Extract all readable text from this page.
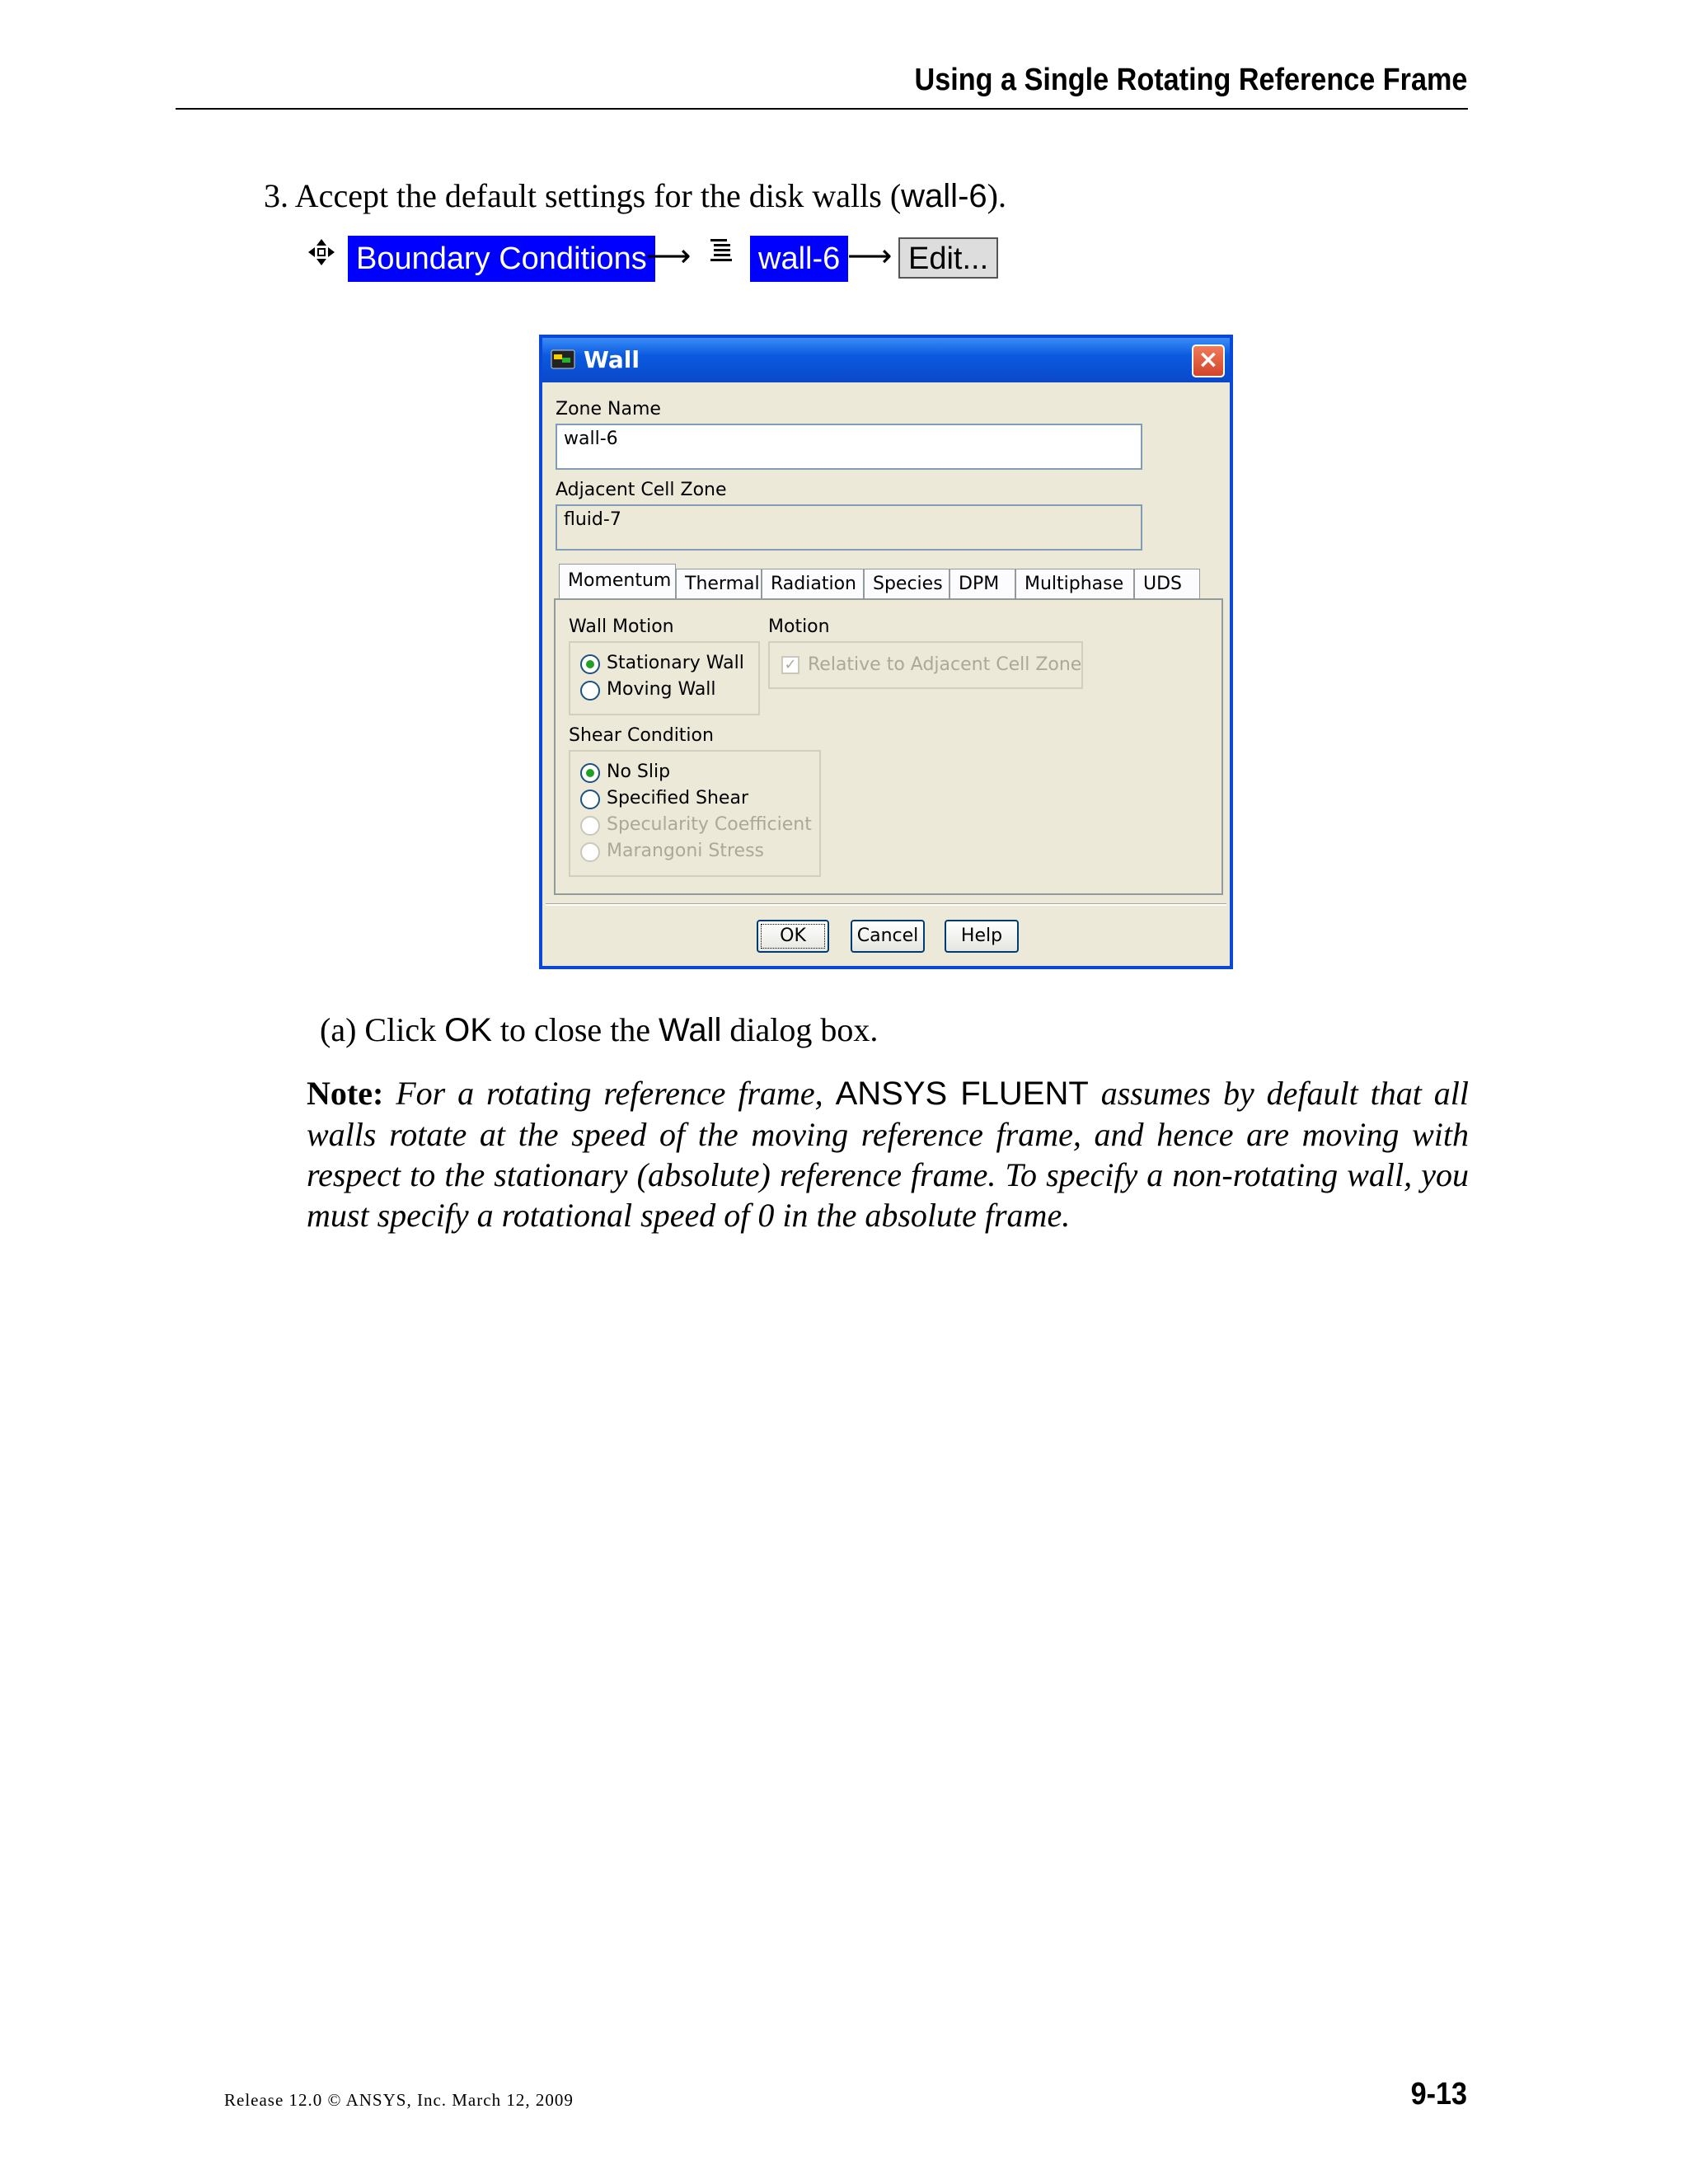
Using a Single Rotating Reference Frame
3. Accept the default settings for the disk walls (wall-6).
Boundary Conditions ⟶ wall-6 ⟶ Edit...
Wall	×
Zone Name
wall-6
Adjacent Cell Zone
fluid-7
Momentum Thermal Radiation Species DPM	Multiphase	UDS
Wall Motion
Stationary Wall
Moving Wall
Motion
✓ Relative to Adjacent Cell Zone
Shear Condition
No Slip
Specified Shear
Specularity Coefficient
Marangoni Stress
OK	Cancel	Help
(a) Click OK to close the Wall dialog box.
Note: For a rotating reference frame, ANSYS FLUENT assumes by default that all walls rotate at the speed of the moving reference frame, and hence are moving with respect to the stationary (absolute) reference frame. To specify a non-rotating wall, you must specify a rotational speed of 0 in the absolute frame.
Release 12.0 © ANSYS, Inc. March 12, 2009	9-13
